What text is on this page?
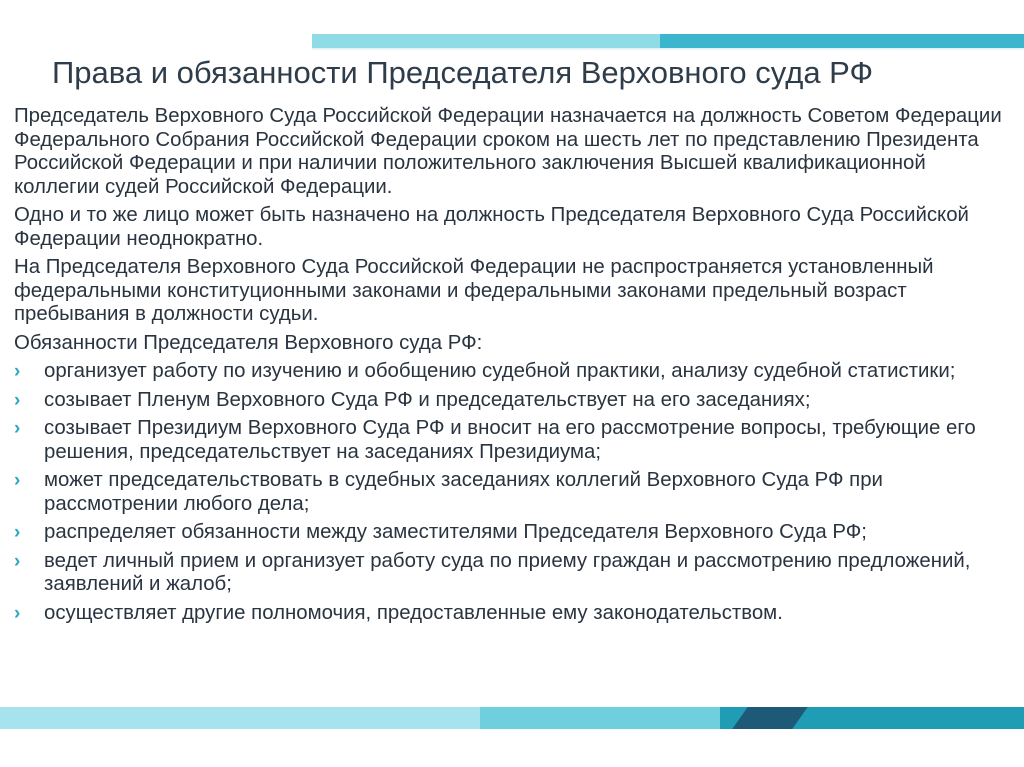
Права и обязанности Председателя Верховного суда РФ

Председатель Верховного Суда Российской Федерации назначается на должность Советом Федерации Федерального Собрания Российской Федерации сроком на шесть лет по представлению Президента Российской Федерации и при наличии положительного заключения Высшей квалификационной коллегии судей Российской Федерации.

Одно и то же лицо может быть назначено на должность Председателя Верховного Суда Российской Федерации неоднократно.

На Председателя Верховного Суда Российской Федерации не распространяется установленный федеральными конституционными законами и федеральными законами предельный возраст пребывания в должности судьи.

Обязанности Председателя Верховного суда РФ:

› организует работу по изучению и обобщению судебной практики, анализу судебной статистики;
› созывает Пленум Верховного Суда РФ и председательствует на его заседаниях;
› созывает Президиум Верховного Суда РФ и вносит на его рассмотрение вопросы, требующие его решения, председательствует на заседаниях Президиума;
› может председательствовать в судебных заседаниях коллегий Верховного Суда РФ при рассмотрении любого дела;
› распределяет обязанности между заместителями Председателя Верховного Суда РФ;
› ведет личный прием и организует работу суда по приему граждан и рассмотрению предложений, заявлений и жалоб;
› осуществляет другие полномочия, предоставленные ему законодательством.
